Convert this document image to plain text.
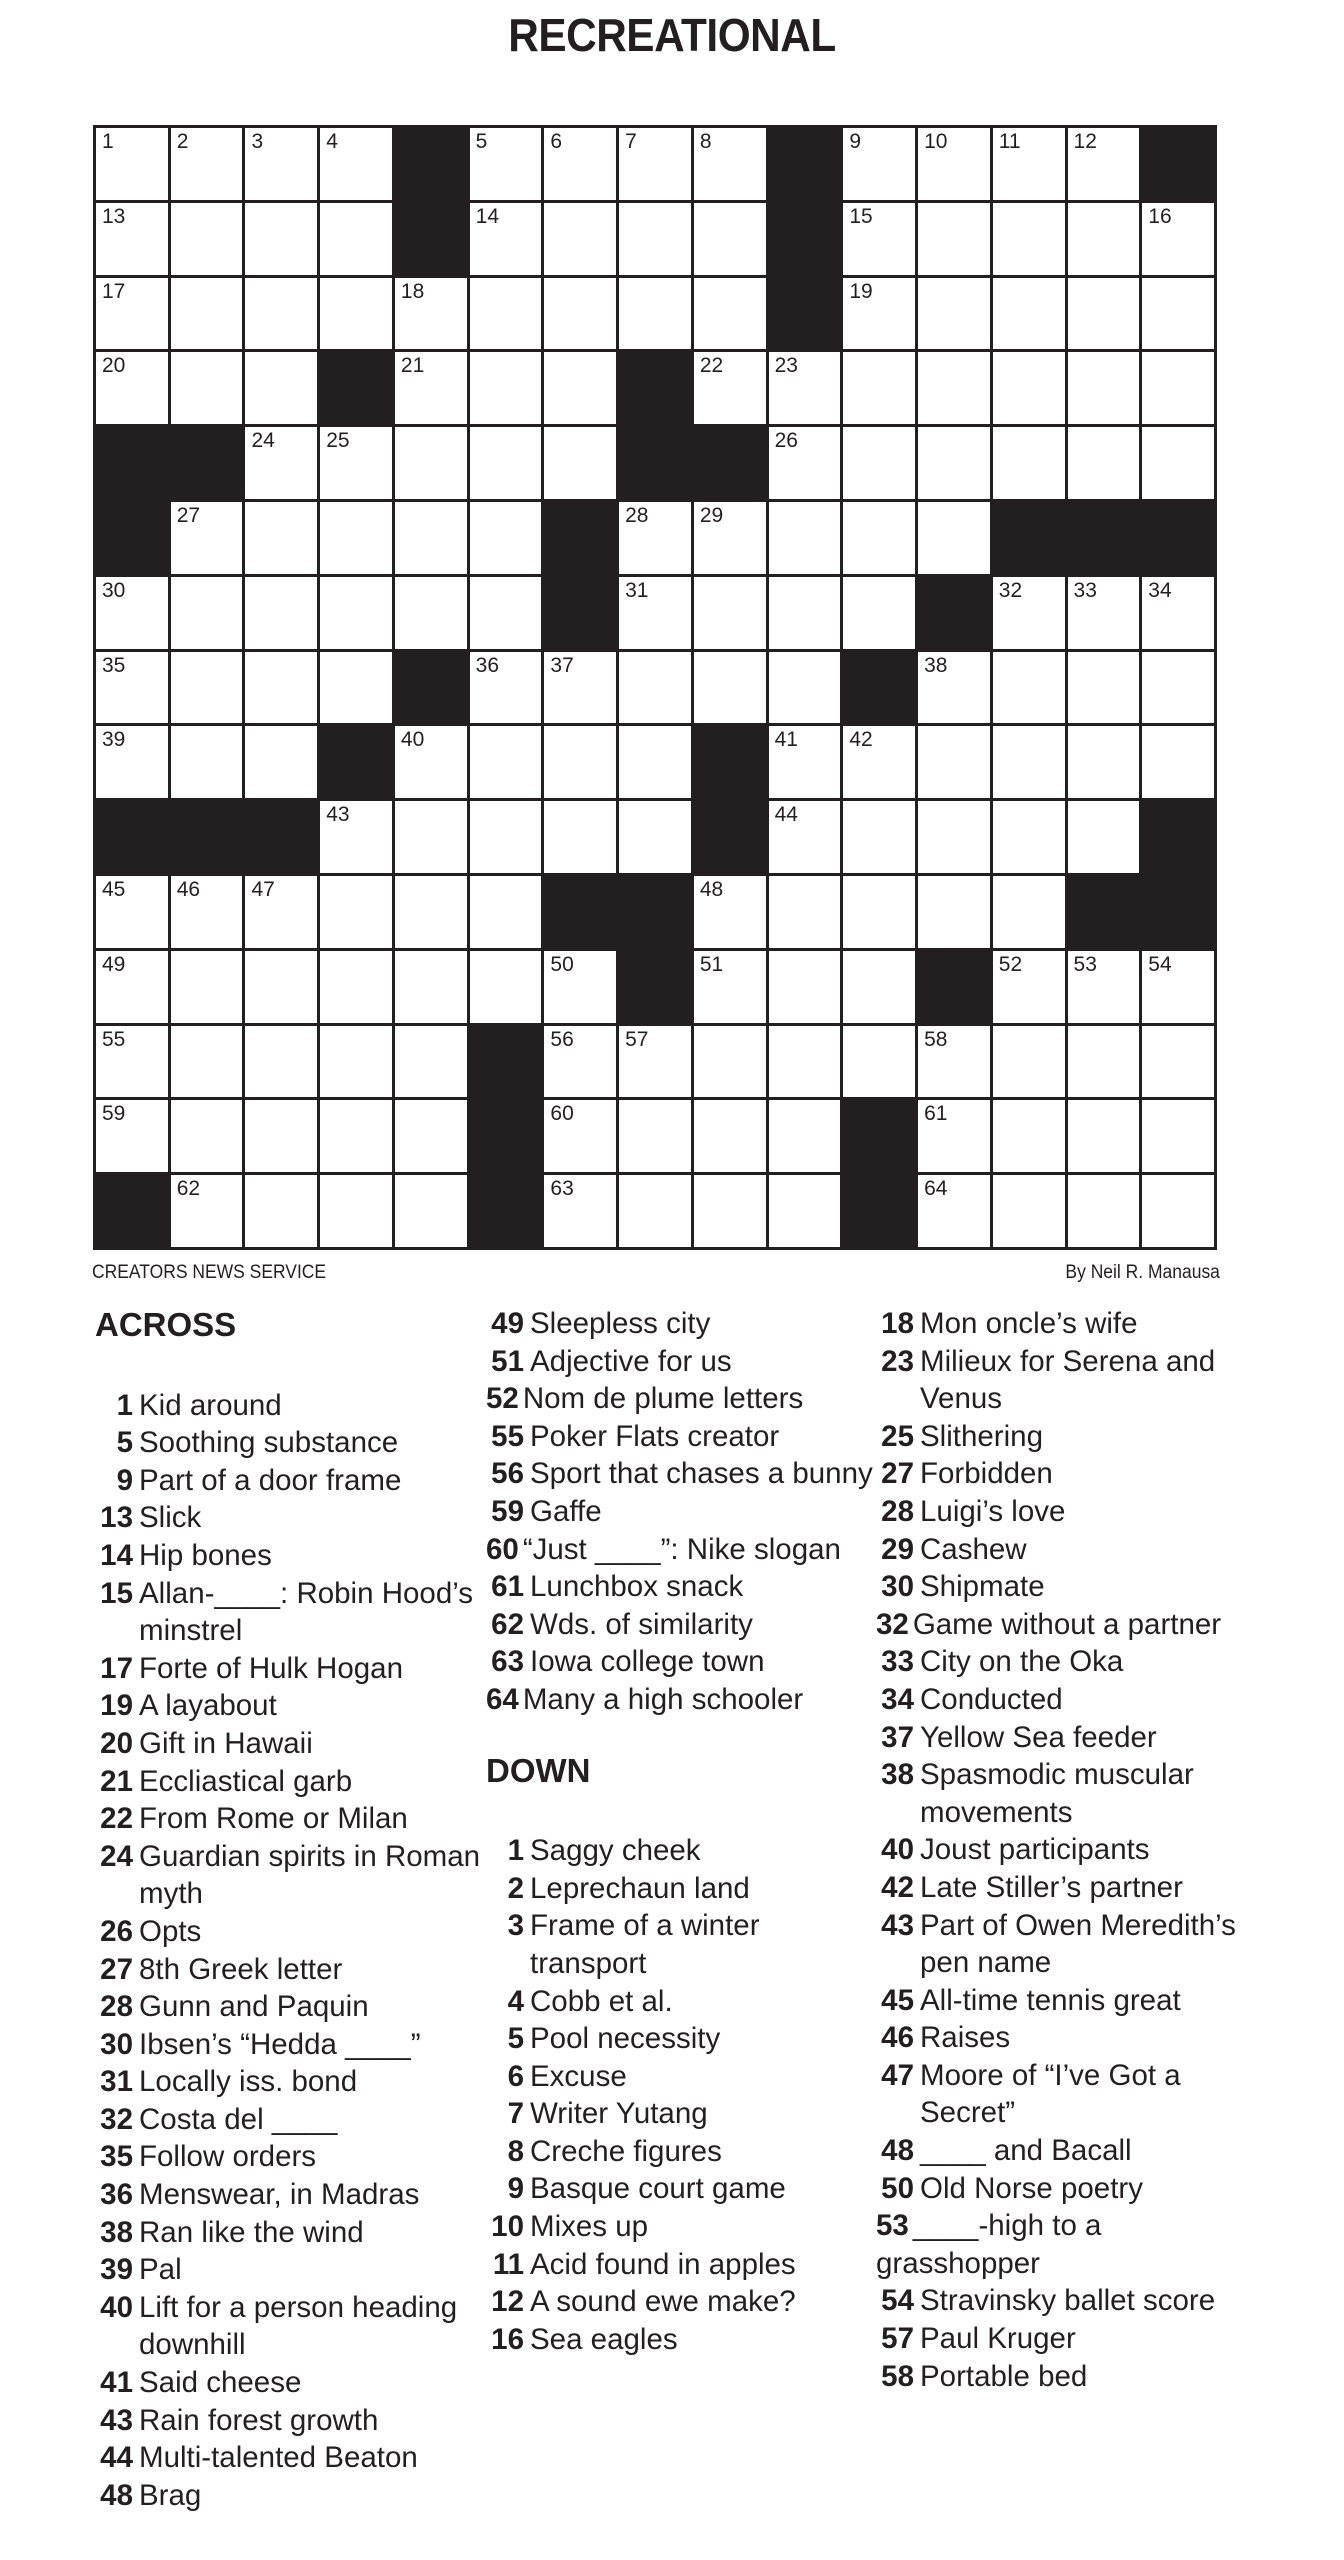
RECREATIONAL
1	2	3	4	5	6	7	8	9	10 11	12
13	14	15	16
17	18	19
20	21	22 23
24 25	26
27	28 29
30	31	32 33 34
35	36 37	38
39	40	41 42
43	44
45 46 47	48
49	50	51	52 53 54
55	56 57	58
59	60	61
62	63	64
CREATORS NEWS SERVICE	By Neil R. Manausa
ACROSS
1 Kid around
5 Soothing substance
9 Part of a door frame
13 Slick
14 Hip bones
15 Allan-____: Robin Hood’s minstrel
17 Forte of Hulk Hogan
19 A layabout
20 Gift in Hawaii
21 Eccliastical garb
22 From Rome or Milan
24 Guardian spirits in Roman myth
26 Opts
27 8th Greek letter
28 Gunn and Paquin
30 Ibsen’s “Hedda ____”
31 Locally iss. bond
32 Costa del ____
35 Follow orders
36 Menswear, in Madras
38 Ran like the wind
39 Pal
40 Lift for a person heading downhill
41 Said cheese
43 Rain forest growth
44 Multi-talented Beaton
48 Brag
49 Sleepless city
51 Adjective for us
52 Nom de plume letters
55 Poker Flats creator
56 Sport that chases a bunny
59 Gaffe
60 “Just ____”: Nike slogan
61 Lunchbox snack
62 Wds. of similarity
63 Iowa college town
64 Many a high schooler
DOWN
1 Saggy cheek
2 Leprechaun land
3 Frame of a winter transport
4 Cobb et al.
5 Pool necessity
6 Excuse
7 Writer Yutang
8 Creche figures
9 Basque court game
10 Mixes up
11 Acid found in apples
12 A sound ewe make?
16 Sea eagles
18 Mon oncle’s wife
23 Milieux for Serena and Venus
25 Slithering
27 Forbidden
28 Luigi’s love
29 Cashew
30 Shipmate
32 Game without a partner
33 City on the Oka
34 Conducted
37 Yellow Sea feeder
38 Spasmodic muscular movements
40 Joust participants
42 Late Stiller’s partner
43 Part of Owen Meredith’s pen name
45 All-time tennis great
46 Raises
47 Moore of “I’ve Got a Secret”
48 ____ and Bacall
50 Old Norse poetry
53 ____-high to a grasshopper
54 Stravinsky ballet score
57 Paul Kruger
58 Portable bed
